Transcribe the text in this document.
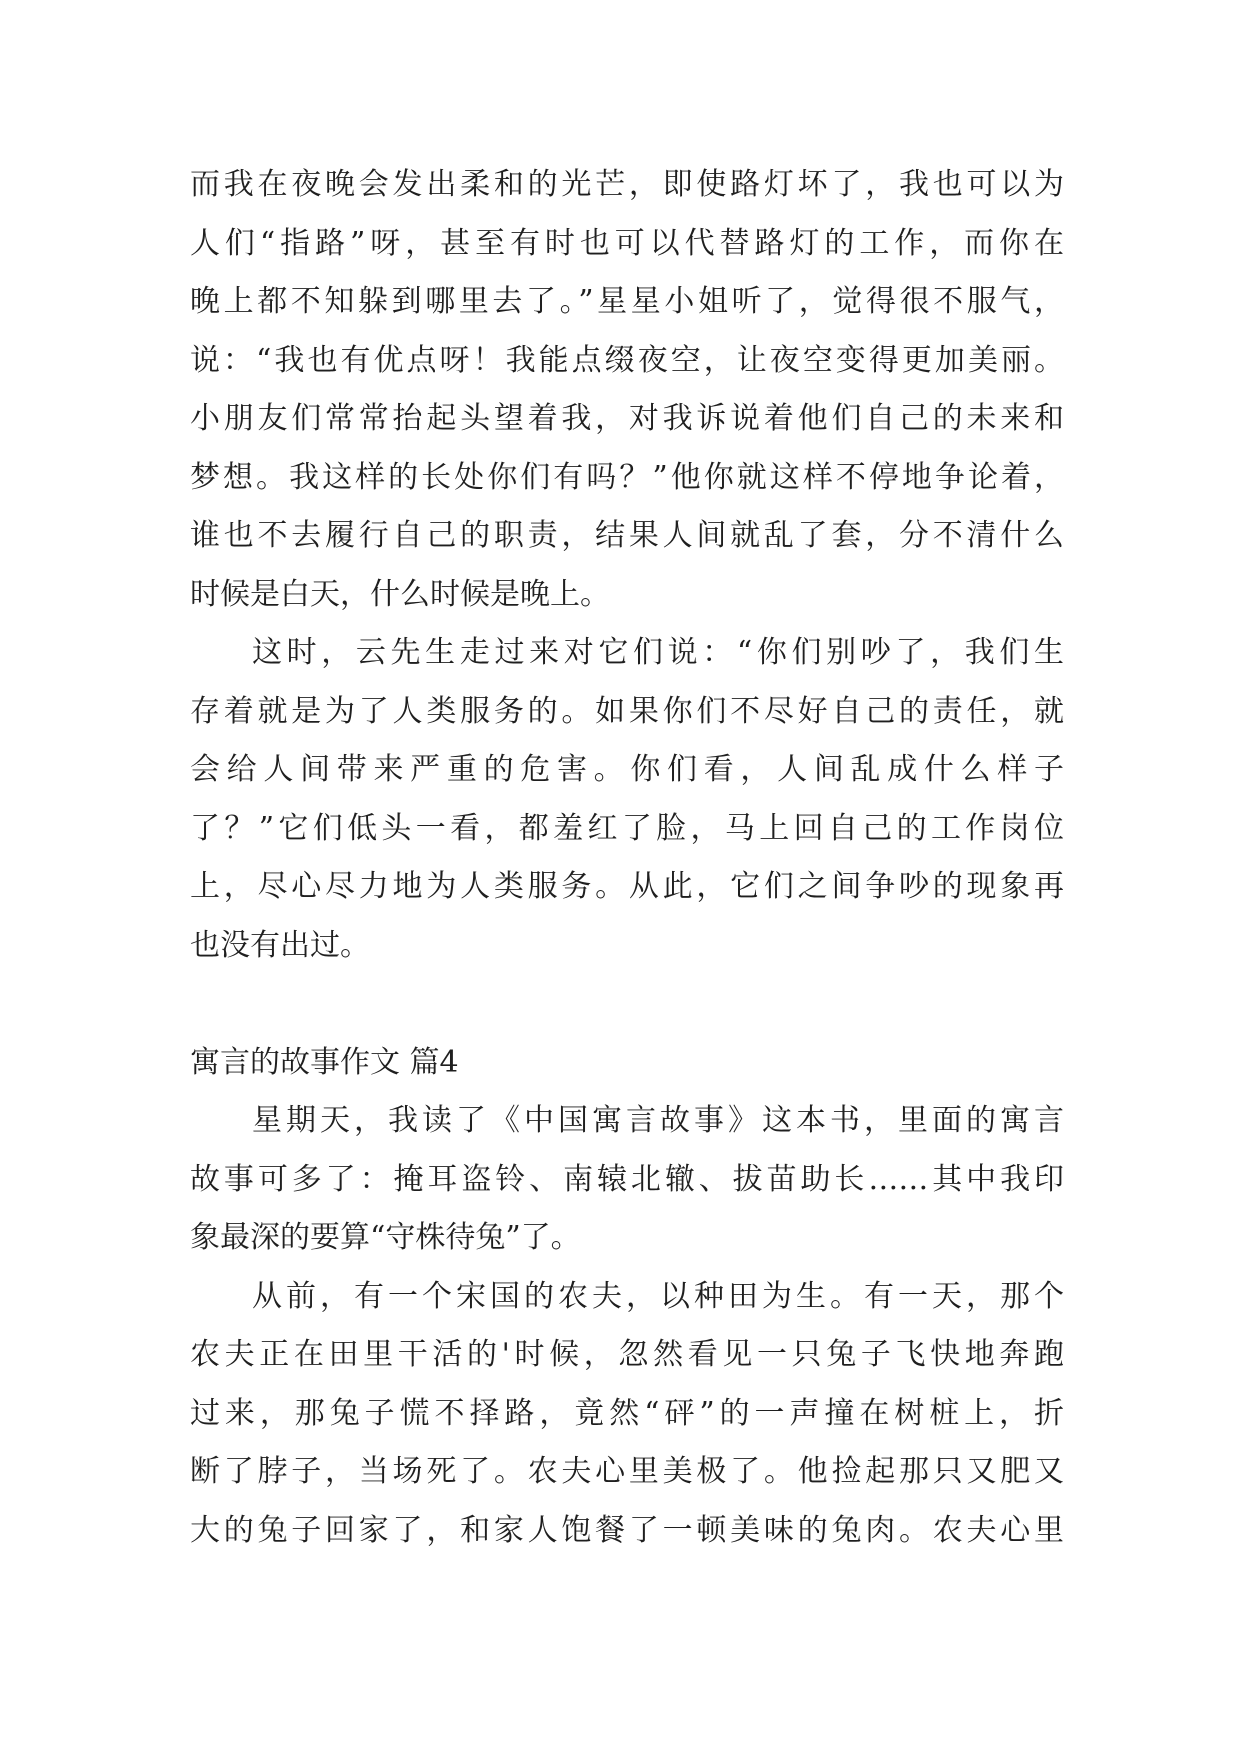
而我在夜晚会发出柔和的光芒，即使路灯坏了，我也可以为
人们“指路”呀，甚至有时也可以代替路灯的工作，而你在
晚上都不知躲到哪里去了。”星星小姐听了，觉得很不服气，
说：“我也有优点呀！我能点缀夜空，让夜空变得更加美丽。
小朋友们常常抬起头望着我，对我诉说着他们自己的未来和
梦想。我这样的长处你们有吗？”他你就这样不停地争论着，
谁也不去履行自己的职责，结果人间就乱了套，分不清什么
时候是白天，什么时候是晚上。
这时，云先生走过来对它们说：“你们别吵了，我们生
存着就是为了人类服务的。如果你们不尽好自己的责任，就
会给人间带来严重的危害。你们看，人间乱成什么样子
了？”它们低头一看，都羞红了脸，马上回自己的工作岗位
上，尽心尽力地为人类服务。从此，它们之间争吵的现象再
也没有出过。
寓言的故事作文 篇4
星期天，我读了《中国寓言故事》这本书，里面的寓言
故事可多了：掩耳盗铃、南辕北辙、拔苗助长……其中我印
象最深的要算“守株待兔”了。
从前，有一个宋国的农夫，以种田为生。有一天，那个
农夫正在田里干活的'时候，忽然看见一只兔子飞快地奔跑
过来，那兔子慌不择路，竟然“砰”的一声撞在树桩上，折
断了脖子，当场死了。农夫心里美极了。他捡起那只又肥又
大的兔子回家了，和家人饱餐了一顿美味的兔肉。农夫心里
